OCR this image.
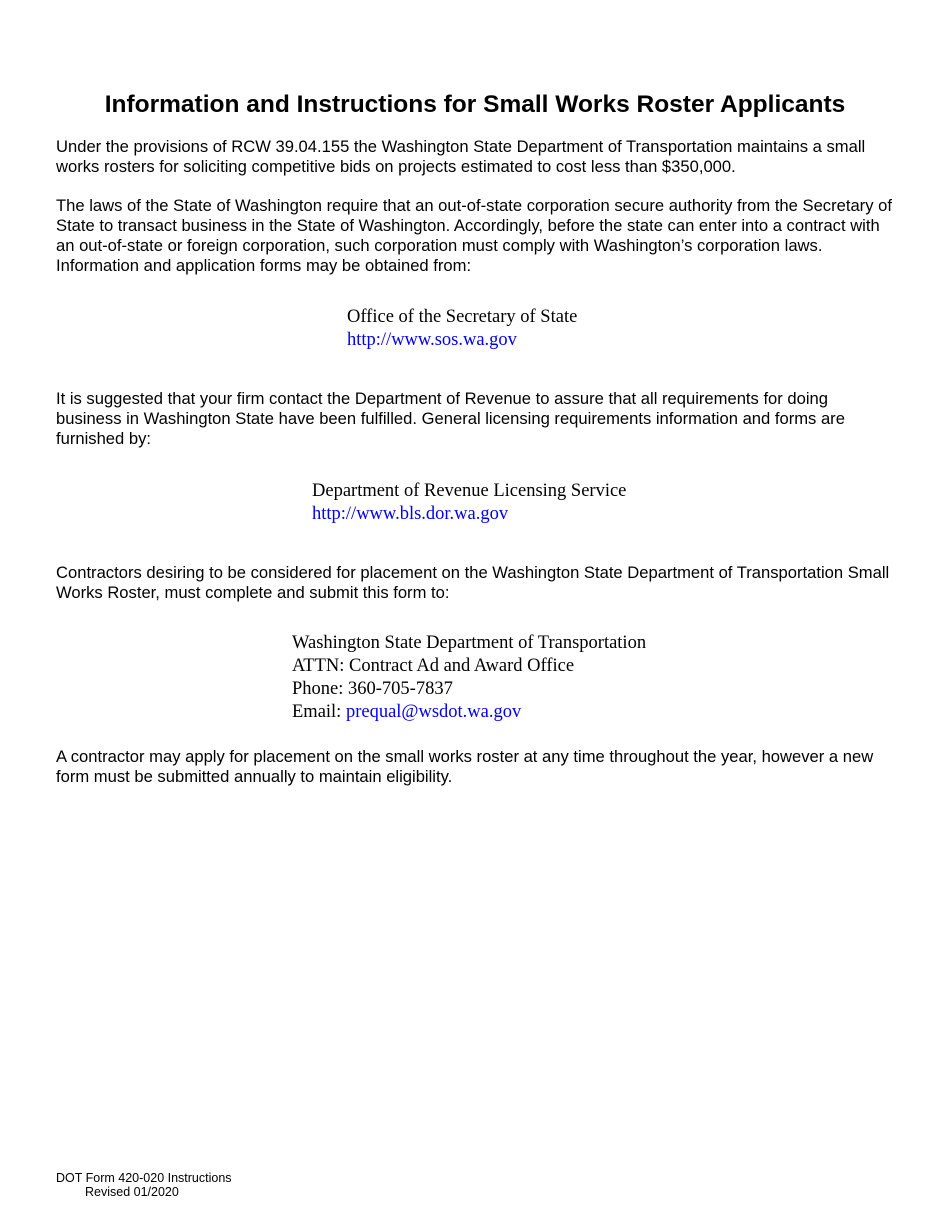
Information and Instructions for Small Works Roster Applicants

Under the provisions of RCW 39.04.155 the Washington State Department of Transportation maintains a small works rosters for soliciting competitive bids on projects estimated to cost less than $350,000.

The laws of the State of Washington require that an out-of-state corporation secure authority from the Secretary of State to transact business in the State of Washington. Accordingly, before the state can enter into a contract with an out-of-state or foreign corporation, such corporation must comply with Washington’s corporation laws. Information and application forms may be obtained from:

Office of the Secretary of State
http://www.sos.wa.gov

It is suggested that your firm contact the Department of Revenue to assure that all requirements for doing business in Washington State have been fulfilled. General licensing requirements information and forms are furnished by:

Department of Revenue Licensing Service
http://www.bls.dor.wa.gov

Contractors desiring to be considered for placement on the Washington State Department of Transportation Small Works Roster, must complete and submit this form to:

Washington State Department of Transportation
ATTN: Contract Ad and Award Office
Phone: 360-705-7837
Email: prequal@wsdot.wa.gov

A contractor may apply for placement on the small works roster at any time throughout the year, however a new form must be submitted annually to maintain eligibility.

DOT Form 420-020 Instructions
Revised 01/2020
